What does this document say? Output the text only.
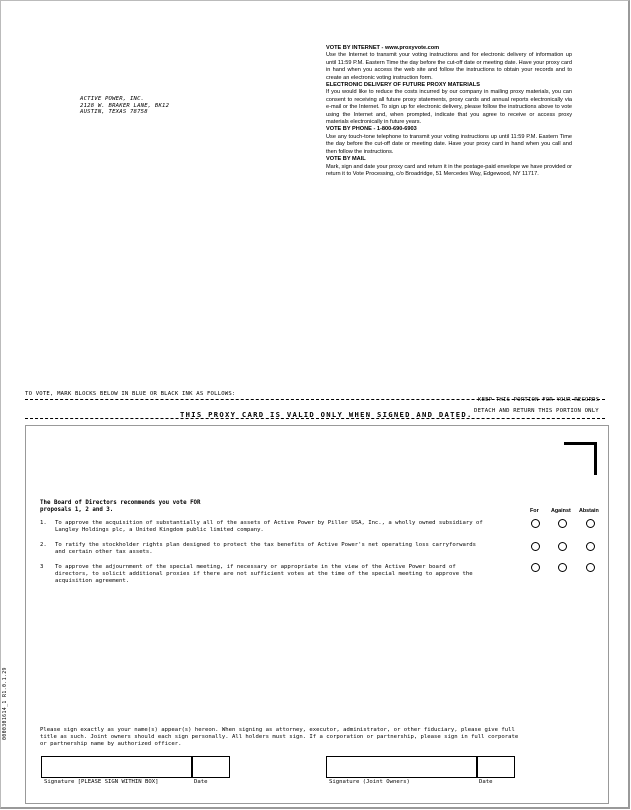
ACTIVE POWER, INC.
2128 W. BRAKER LANE, BK12
AUSTIN, TEXAS 78758

VOTE BY INTERNET - www.proxyvote.com

Use the Internet to transmit your voting instructions and for electronic delivery of information up until 11:59 P.M. Eastern Time the day before the cut-off date or meeting date. Have your proxy card in hand when you access the web site and follow the instructions to obtain your records and to create an electronic voting instruction form.

ELECTRONIC DELIVERY OF FUTURE PROXY MATERIALS

If you would like to reduce the costs incurred by our company in mailing proxy materials, you can consent to receiving all future proxy statements, proxy cards and annual reports electronically via e-mail or the Internet. To sign up for electronic delivery, please follow the instructions above to vote using the Internet and, when prompted, indicate that you agree to receive or access proxy materials electronically in future years.

VOTE BY PHONE - 1-800-690-6903

Use any touch-tone telephone to transmit your voting instructions up until 11:59 P.M. Eastern Time the day before the cut-off date or meeting date. Have your proxy card in hand when you call and then follow the instructions.

VOTE BY MAIL

Mark, sign and date your proxy card and return it in the postage-paid envelope we have provided or return it to Vote Processing, c/o Broadridge, 51 Mercedes Way, Edgewood, NY 11717.

TO VOTE, MARK BLOCKS BELOW IN BLUE OR BLACK INK AS FOLLOWS:
KEEP THIS PORTION FOR YOUR RECORDS
THIS PROXY CARD IS VALID ONLY WHEN SIGNED AND DATED. DETACH AND RETURN THIS PORTION ONLY
The Board of Directors recommends you vote FOR
proposals 1, 2 and 3.	For Against Abstain
1. To approve the acquisition of substantially all of the assets of Active Power by Piller USA, Inc., a wholly owned subsidiary of Langley Holdings plc, a United Kingdom public limited company.
2. To ratify the stockholder rights plan designed to protect the tax benefits of Active Power's net operating loss carryforwards and certain other tax assets.
3 To approve the adjournment of the special meeting, if necessary or appropriate in the view of the Active Power board of directors, to solicit additional proxies if there are not sufficient votes at the time of the special meeting to approve the acquisition agreement.
0000301614_1 R1.0.1.29	Please sign exactly as your name(s) appear(s) hereon. When signing as attorney, executor, administrator, or other fiduciary, please give full title as such. Joint owners should each sign personally. All holders must sign. If a corporation or partnership, please sign in full corporate or partnership name by authorized officer.
Signature [PLEASE SIGN WITHIN BOX]	Date	Signature (Joint Owners)	Date
